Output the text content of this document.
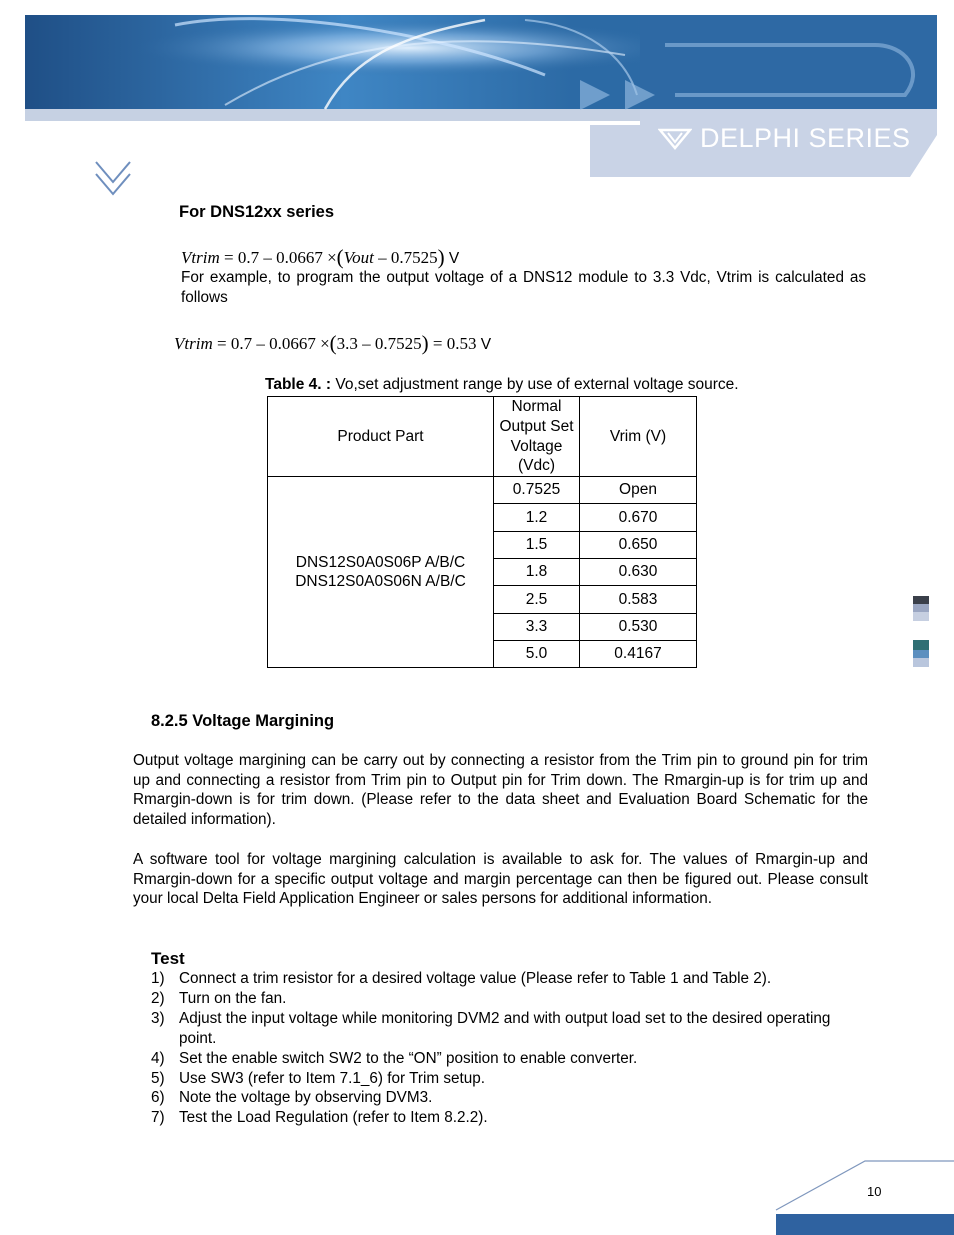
DELPHI SERIES
For DNS12xx series
Vtrim = 0.7 – 0.0667 ×(Vout – 0.7525) V
For example, to program the output voltage of a DNS12 module to 3.3 Vdc, Vtrim is calculated as follows
Vtrim = 0.7 – 0.0667 ×(3.3 – 0.7525) = 0.53 V
Table 4. : Vo,set adjustment range by use of external voltage source.
Product Part	Normal
Output Set
Voltage
(Vdc)	Vrim (V)

DNS12S0A0S06P A/B/C
DNS12S0A0S06N A/B/C	0.7525	Open
	1.2	0.670
	1.5	0.650
	1.8	0.630
	2.5	0.583
	3.3	0.530
	5.0	0.4167
8.2.5 Voltage Margining
Output voltage margining can be carry out by connecting a resistor from the Trim pin to ground pin for trim up and connecting a resistor from Trim pin to Output pin for Trim down. The Rmargin-up is for trim up and Rmargin-down is for trim down. (Please refer to the data sheet and Evaluation Board Schematic for the detailed information).
A software tool for voltage margining calculation is available to ask for. The values of Rmargin-up and Rmargin-down for a specific output voltage and margin percentage can then be figured out. Please consult your local Delta Field Application Engineer or sales persons for additional information.
Test
1) Connect a trim resistor for a desired voltage value (Please refer to Table 1 and Table 2).
2) Turn on the fan.
3) Adjust the input voltage while monitoring DVM2 and with output load set to the desired operating point.
4) Set the enable switch SW2 to the “ON” position to enable converter.
5) Use SW3 (refer to Item 7.1_6) for Trim setup.
6) Note the voltage by observing DVM3.
7) Test the Load Regulation (refer to Item 8.2.2).
10
